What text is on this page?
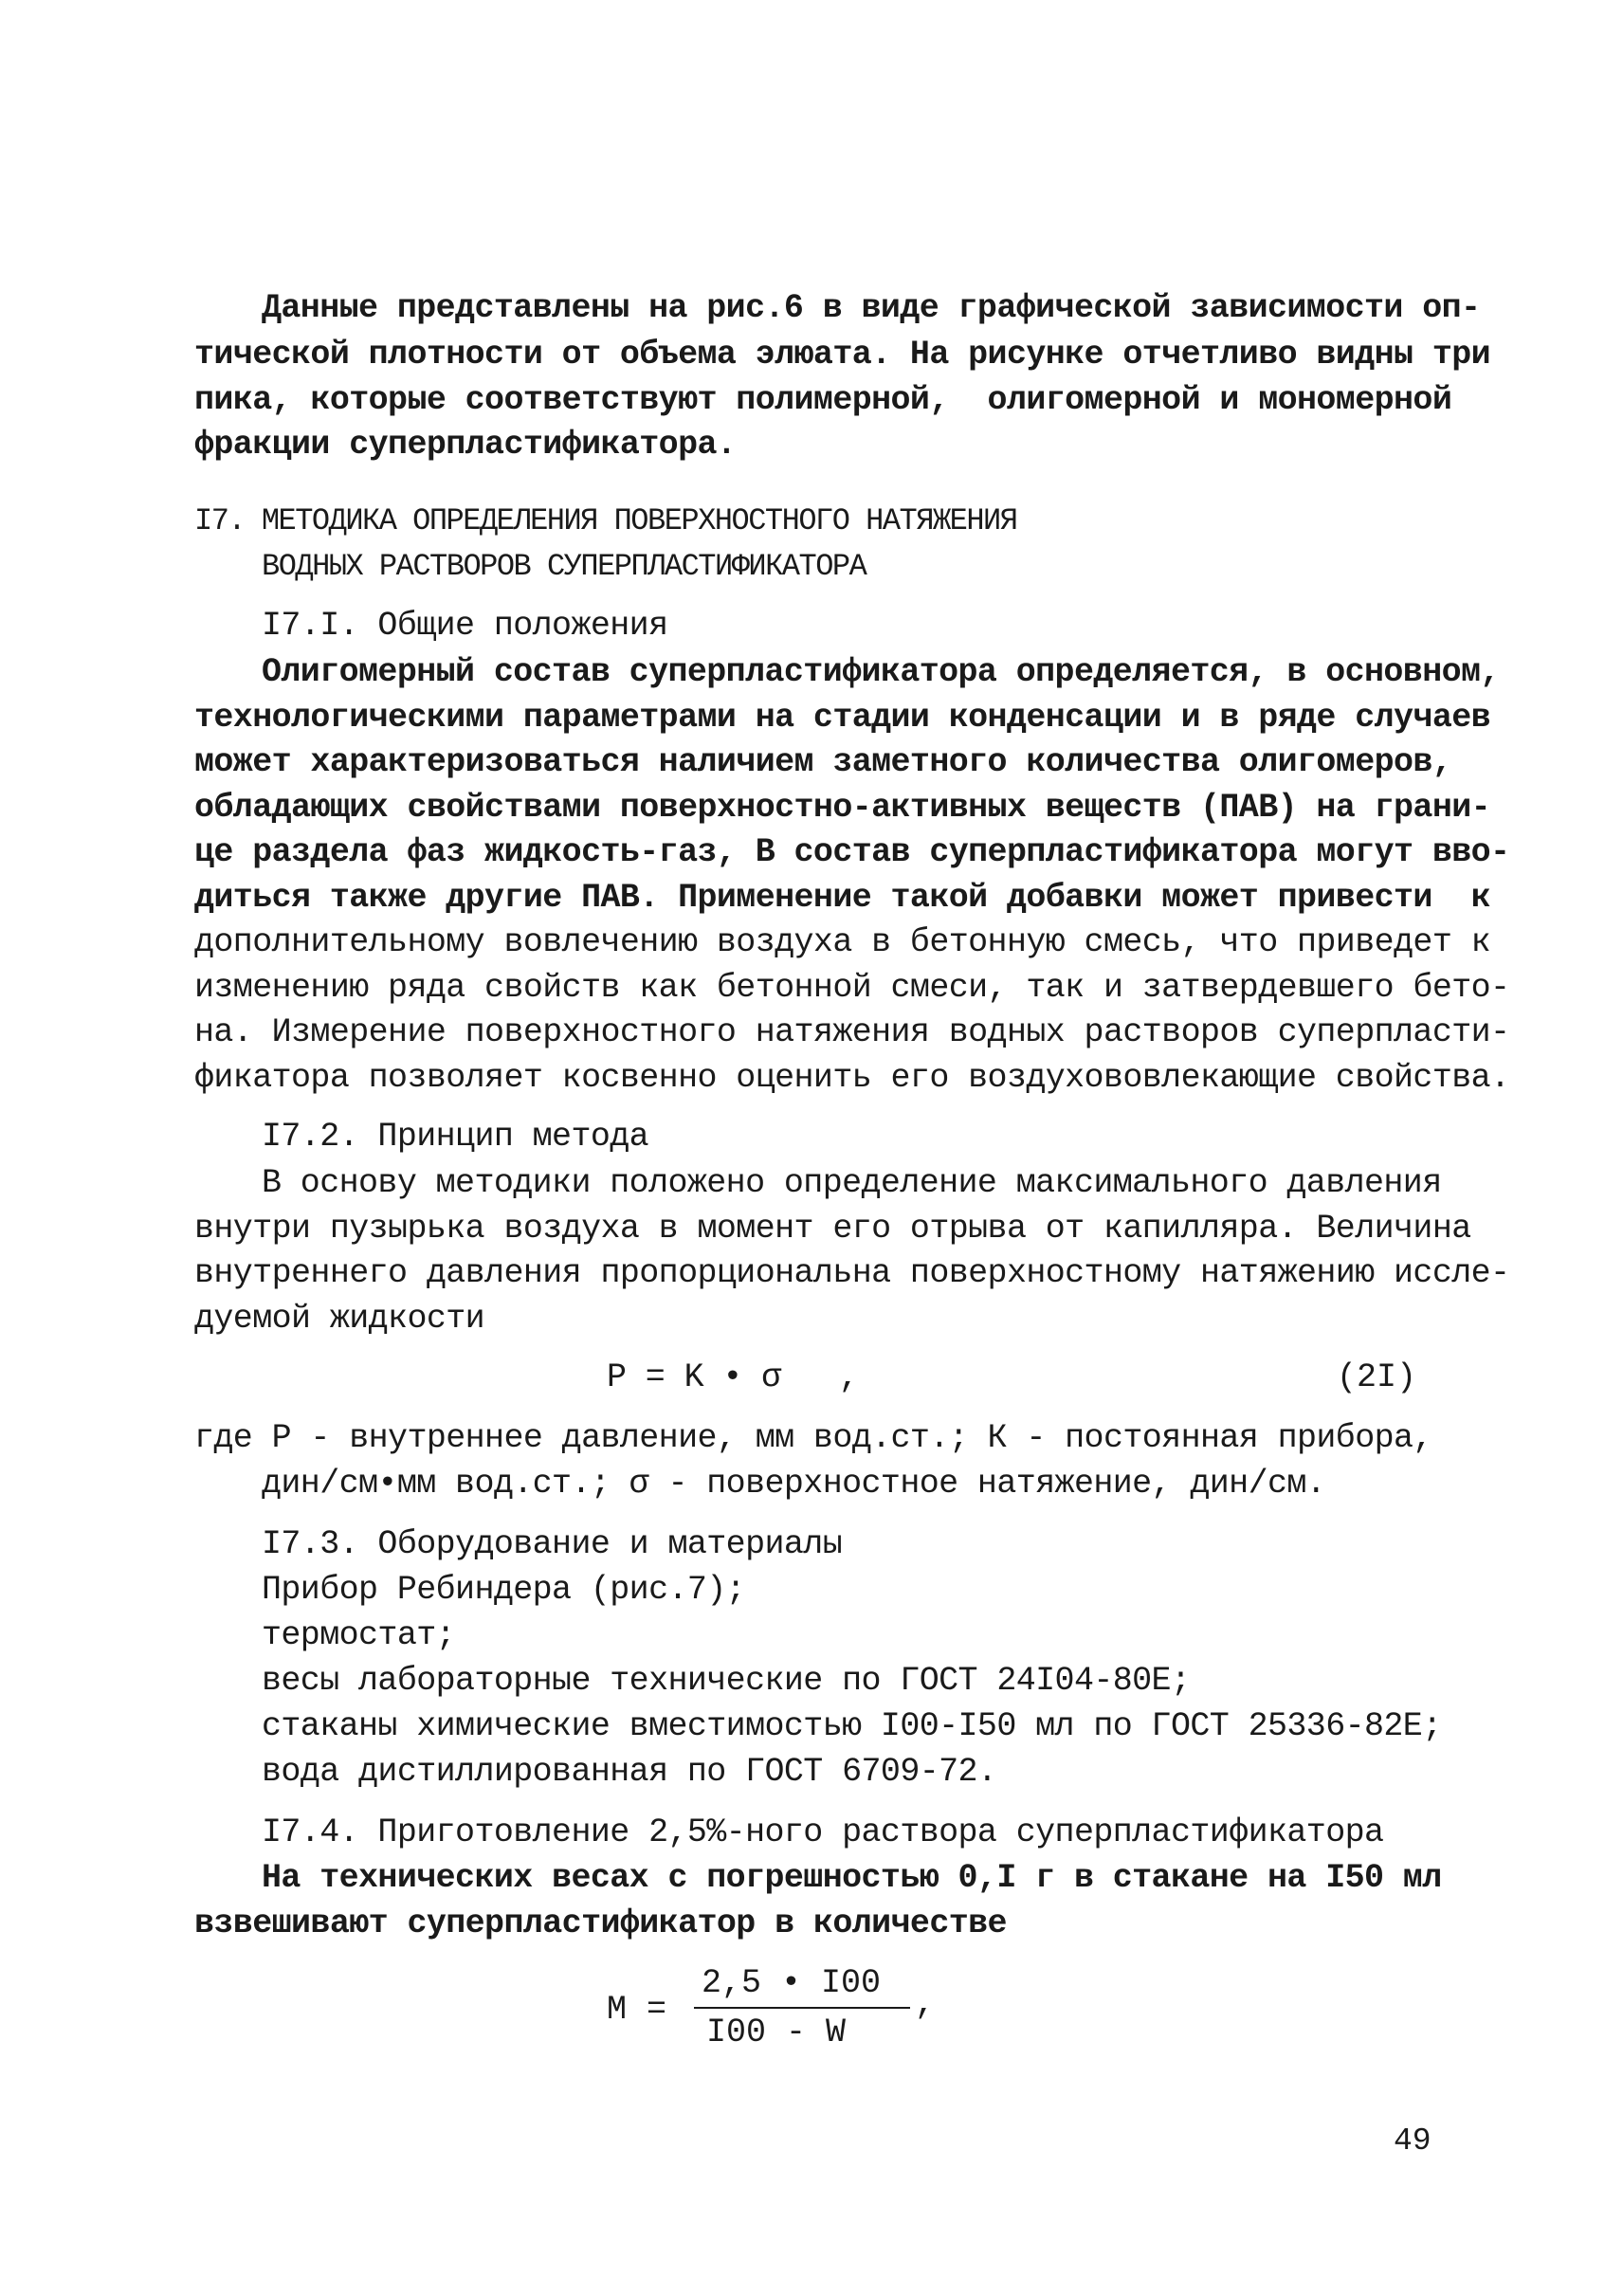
Данные представлены на рис.6 в виде графической зависимости оп-
тической плотности от объема элюата. На рисунке отчетливо видны три
пика, которые соответствуют полимерной,  олигомерной и мономерной
фракции суперпластификатора.
I7. МЕТОДИКА ОПРЕДЕЛЕНИЯ ПОВЕРХНОСТНОГО НАТЯЖЕНИЯ
ВОДНЫХ РАСТВОРОВ СУПЕРПЛАСТИФИКАТОРА
I7.I. Общие положения
Олигомерный состав суперпластификатора определяется, в основном,
технологическими параметрами на стадии конденсации и в ряде случаев
может характеризоваться наличием заметного количества олигомеров,
обладающих свойствами поверхностно-активных веществ (ПАВ) на грани-
це раздела фаз жидкость-газ, В состав суперпластификатора могут вво-
диться также другие ПАВ. Применение такой добавки может привести  к
дополнительному вовлечению воздуха в бетонную смесь, что приведет к
изменению ряда свойств как бетонной смеси, так и затвердевшего бето-
на. Измерение поверхностного натяжения водных растворов суперпласти-
фикатора позволяет косвенно оценить его воздухововлекающие свойства.
I7.2. Принцип метода
В основу методики положено определение максимального давления
внутри пузырька воздуха в момент его отрыва от капилляра. Величина
внутреннего давления пропорциональна поверхностному натяжению иссле-
дуемой жидкости
P = K • σ   ,	(2I)
где P - внутреннее давление, мм вод.ст.; К - постоянная прибора,
дин/см•мм вод.ст.; σ - поверхностное натяжение, дин/см.
I7.3. Оборудование и материалы
Прибор Ребиндера (рис.7);
термостат;
весы лабораторные технические по ГОСТ 24I04-80Е;
стаканы химические вместимостью I00-I50 мл по ГОСТ 25336-82Е;
вода дистиллированная по ГОСТ 6709-72.
I7.4. Приготовление 2,5%-ного раствора суперпластификатора
На технических весах с погрешностью 0,I г в стакане на I50 мл
взвешивают суперпластификатор в количестве

M =

2,5 • I00

I00 - W

,

49
